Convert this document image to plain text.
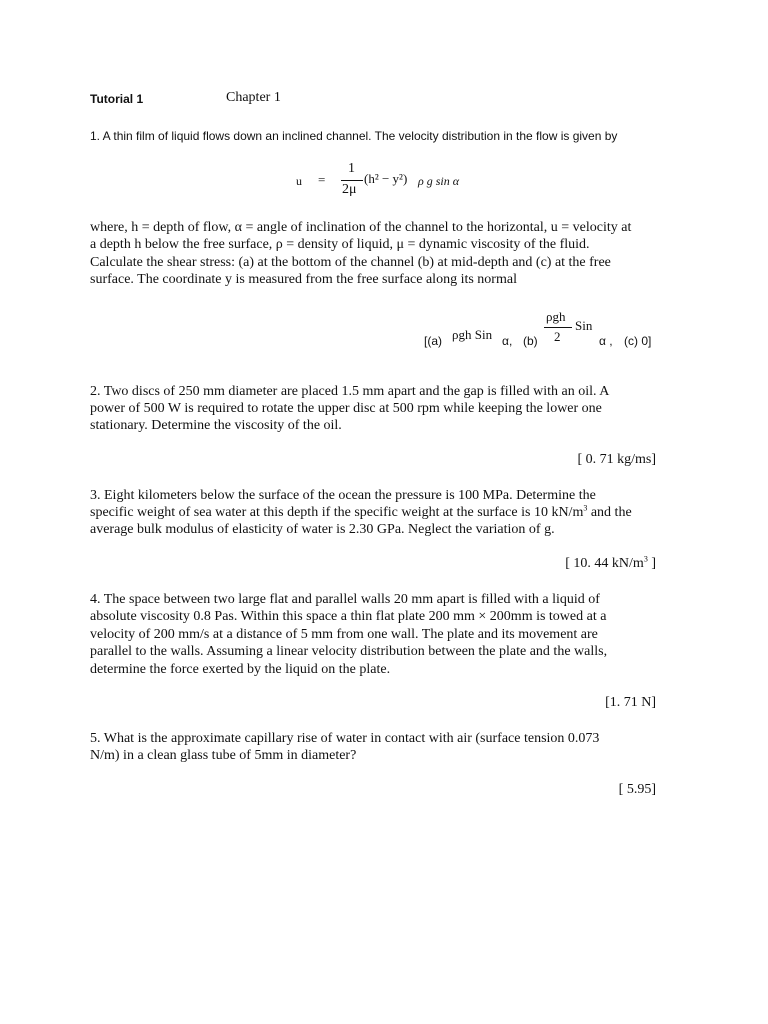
Tutorial 1	Chapter 1
1. A thin film of liquid flows down an inclined channel. The velocity distribution in the flow is given by
u =
1
2μ
(h² − y²) ρ g sin α
where, h = depth of flow, α = angle of inclination of the channel to the horizontal, u = velocity at
a depth h below the free surface, ρ = density of liquid, μ = dynamic viscosity of the fluid.
Calculate the shear stress: (a) at the bottom of the channel (b) at mid-depth and (c) at the free
surface. The coordinate y is measured from the free surface along its normal
[(a) ρgh Sin α, (b)
ρgh
2
Sin
α , (c) 0]
2. Two discs of 250 mm diameter are placed 1.5 mm apart and the gap is filled with an oil. A
power of 500 W is required to rotate the upper disc at 500 rpm while keeping the lower one
stationary. Determine the viscosity of the oil.
[ 0. 71 kg/ms]
3. Eight kilometers below the surface of the ocean the pressure is 100 MPa. Determine the
specific weight of sea water at this depth if the specific weight at the surface is 10 $kN/m^3$ and the
average bulk modulus of elasticity of water is 2.30 GPa. Neglect the variation of g.
[ 10. 44 $kN/m^3$ ]
4. The space between two large flat and parallel walls 20 mm apart is filled with a liquid of
absolute viscosity 0.8 Pas. Within this space a thin flat plate 200 mm × 200mm is towed at a
velocity of 200 mm/s at a distance of 5 mm from one wall. The plate and its movement are
parallel to the walls. Assuming a linear velocity distribution between the plate and the walls,
determine the force exerted by the liquid on the plate.
[1. 71 N]
5. What is the approximate capillary rise of water in contact with air (surface tension 0.073
N/m) in a clean glass tube of 5mm in diameter?
[ 5.95]
